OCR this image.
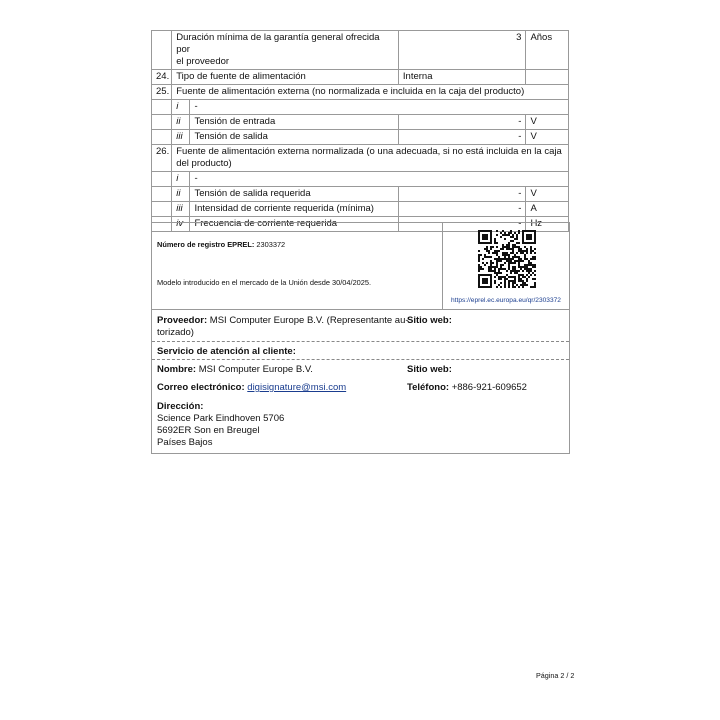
	Duración mínima de la garantía general ofrecida por
el proveedor		3	Años
24.	Tipo de fuente de alimentación		Interna	
25.	Fuente de alimentación externa (no normalizada e incluida en la caja del producto)			
	i	-		
	ii	Tensión de entrada	-	V
	iii	Tensión de salida	-	V
26.	Fuente de alimentación externa normalizada (o una adecuada, si no está incluida en la caja
del producto)			
	i	-		
	ii	Tensión de salida requerida	-	V
	iii	Intensidad de corriente requerida (mínima)	-	A
	iv	Frecuencia de corriente requerida	-	Hz
Número de registro EPREL: 2303372
Modelo introducido en el mercado de la Unión desde 30/04/2025.
https://eprel.ec.europa.eu/qr/2303372
Proveedor: MSI Computer Europe B.V. (Representante au-
torizado)
Sitio web:
Servicio de atención al cliente:
Nombre: MSI Computer Europe B.V.	Sitio web:
Correo electrónico: digisignature@msi.com	Teléfono: +886-921-609652
Dirección:
Science Park Eindhoven 5706
5692ER Son en Breugel
Países Bajos
Página 2 / 2
